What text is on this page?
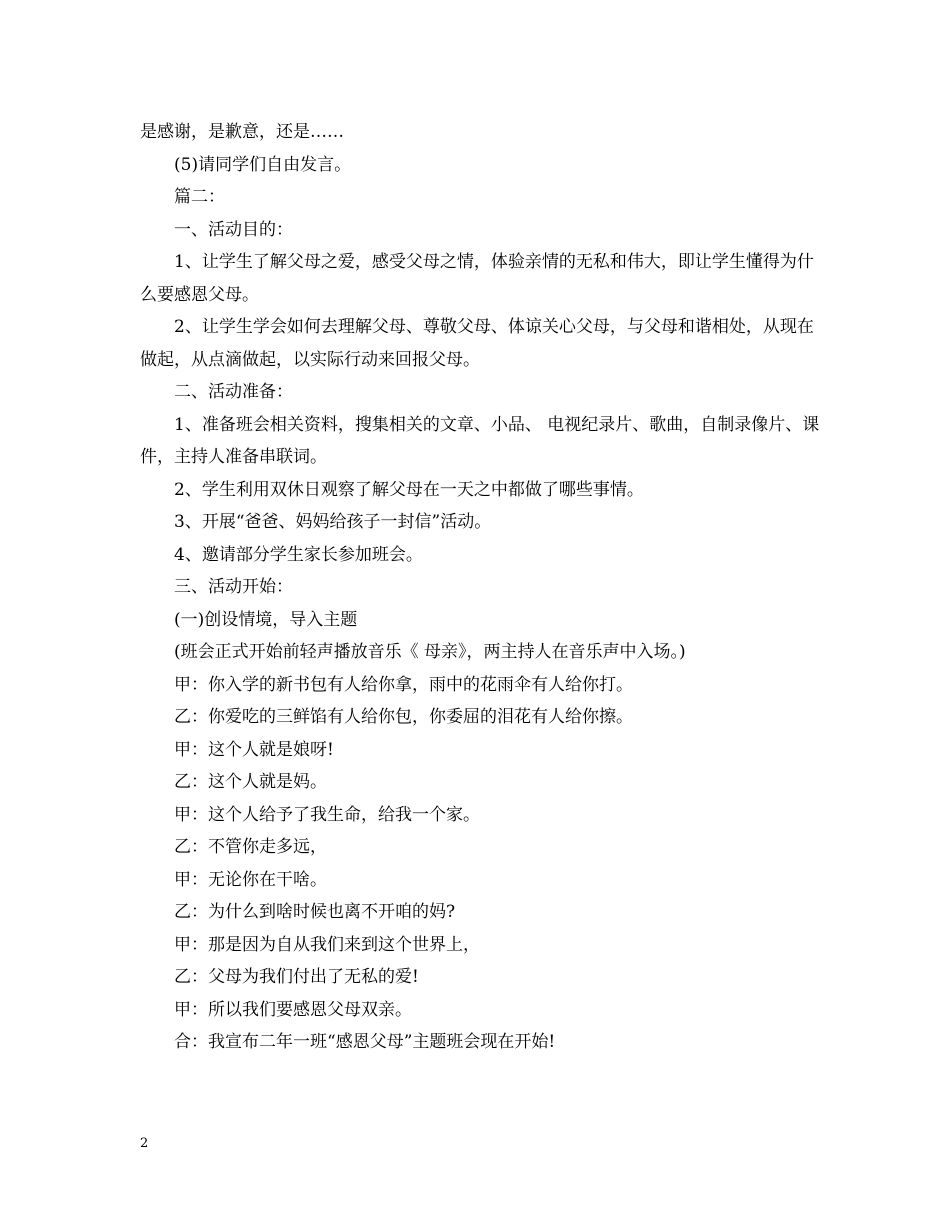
是感谢，是歉意，还是……

(5)请同学们自由发言。

篇二：

一、活动目的：

1、让学生了解父母之爱，感受父母之情，体验亲情的无私和伟大，即让学生懂得为什么要感恩父母。

2、让学生学会如何去理解父母、尊敬父母、体谅关心父母，与父母和谐相处，从现在做起，从点滴做起，以实际行动来回报父母。

二、活动准备：

1、准备班会相关资料，搜集相关的文章、小品、 电视纪录片、歌曲，自制录像片、课件，主持人准备串联词。

2、学生利用双休日观察了解父母在一天之中都做了哪些事情。

3、开展“爸爸、妈妈给孩子一封信”活动。

4、邀请部分学生家长参加班会。

三、活动开始：

(一)创设情境，导入主题

(班会正式开始前轻声播放音乐《 母亲》，两主持人在音乐声中入场。)

甲：你入学的新书包有人给你拿，雨中的花雨伞有人给你打。

乙：你爱吃的三鲜馅有人给你包，你委屈的泪花有人给你擦。

甲：这个人就是娘呀!

乙：这个人就是妈。

甲：这个人给予了我生命，给我一个家。

乙：不管你走多远，

甲：无论你在干啥。

乙：为什么到啥时候也离不开咱的妈?

甲：那是因为自从我们来到这个世界上，

乙：父母为我们付出了无私的爱!

甲：所以我们要感恩父母双亲。

合：我宣布二年一班“感恩父母”主题班会现在开始!

2
